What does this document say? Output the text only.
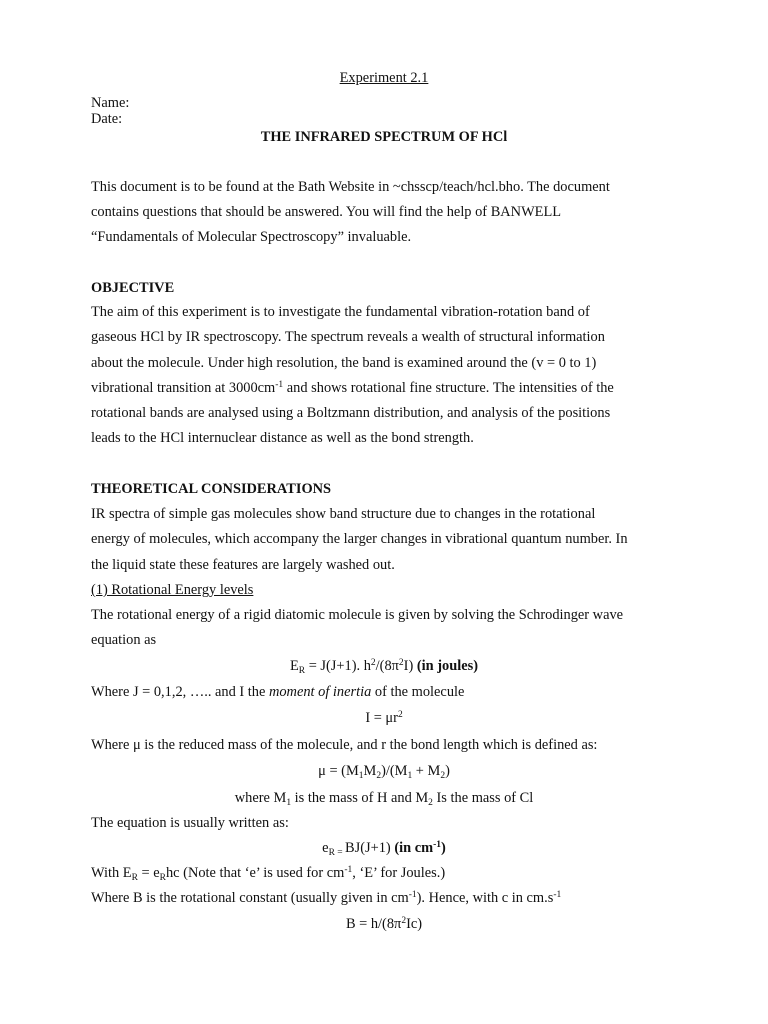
Experiment 2.1
Name:
Date:
THE INFRARED SPECTRUM OF HCl
This document is to be found at the Bath Website in ~chsscp/teach/hcl.bho. The document
contains questions that should be answered. You will find the help of BANWELL
“Fundamentals of Molecular Spectroscopy” invaluable.
OBJECTIVE
The aim of this experiment is to investigate the fundamental vibration-rotation band of
gaseous HCl by IR spectroscopy. The spectrum reveals a wealth of structural information
about the molecule. Under high resolution, the band is examined around the (v = 0 to 1)
vibrational transition at $3000cm^{-1}$ and shows rotational fine structure. The intensities of the
rotational bands are analysed using a Boltzmann distribution, and analysis of the positions
leads to the HCl internuclear distance as well as the bond strength.
THEORETICAL CONSIDERATIONS
IR spectra of simple gas molecules show band structure due to changes in the rotational
energy of molecules, which accompany the larger changes in vibrational quantum number. In
the liquid state these features are largely washed out.
(1) Rotational Energy levels
The rotational energy of a rigid diatomic molecule is given by solving the Schrodinger wave
equation as
$E_R = J(J+1)$. $h^2/(8\pi^2I)$ (in joules)
Where J = 0,1,2, ….. and I the moment of inertia of the molecule
$I = \mu r^2$
Where μ is the reduced mass of the molecule, and r the bond length which is defined as:
$\mu = (M_1M_2)/(M_1 + M_2)$
where $M_1$ is the mass of H and $M_2$ Is the mass of Cl
The equation is usually written as:
$e_{R =}$ BJ(J+1) (in $cm^{-1}$)
With $E_R = e_Rhc$ (Note that ‘e’ is used for $cm^{-1}$, ‘E’ for Joules.)
Where B is the rotational constant (usually given in $cm^{-1}$). Hence, with c in $cm.s^{-1}$
$B = h/(8\pi^2Ic)$
